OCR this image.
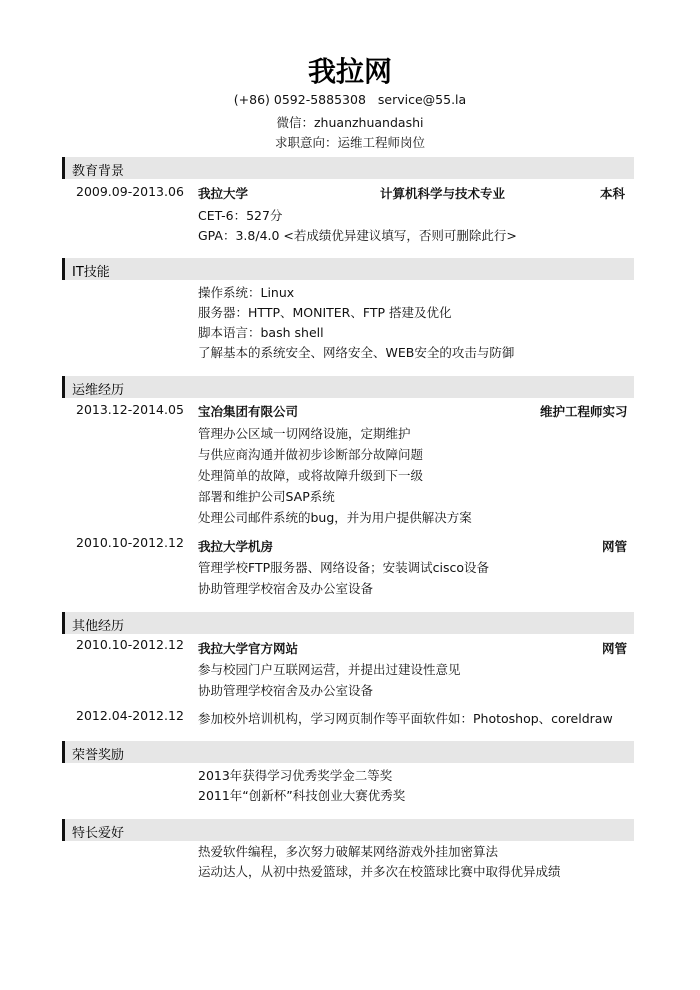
我拉网
(+86) 0592-5885308 service@55.la
微信：zhuanzhuandashi
求职意向：运维工程师岗位
教育背景
2009.09-2013.06 我拉大学	计算机科学与技术专业	本科
CET-6：527分
GPA：3.8/4.0 <若成绩优异建议填写，否则可删除此行>
IT技能
操作系统：Linux
服务器：HTTP、MONITER、FTP 搭建及优化
脚本语言：bash shell
了解基本的系统安全、网络安全、WEB安全的攻击与防御
运维经历
2013.12-2014.05 宝冶集团有限公司	维护工程师实习
管理办公区域一切网络设施，定期维护
与供应商沟通并做初步诊断部分故障问题
处理简单的故障，或将故障升级到下一级
部署和维护公司SAP系统
处理公司邮件系统的bug，并为用户提供解决方案
2010.10-2012.12 我拉大学机房	网管
管理学校FTP服务器、网络设备；安装调试cisco设备
协助管理学校宿舍及办公室设备
其他经历
2010.10-2012.12 我拉大学官方网站	网管
参与校园门户互联网运营，并提出过建设性意见
协助管理学校宿舍及办公室设备
2012.04-2012.12 参加校外培训机构，学习网页制作等平面软件如：Photoshop、coreldraw
荣誉奖励
2013年获得学习优秀奖学金二等奖
2011年“创新杯”科技创业大赛优秀奖
特长爱好
热爱软件编程，多次努力破解某网络游戏外挂加密算法
运动达人，从初中热爱篮球，并多次在校篮球比赛中取得优异成绩
